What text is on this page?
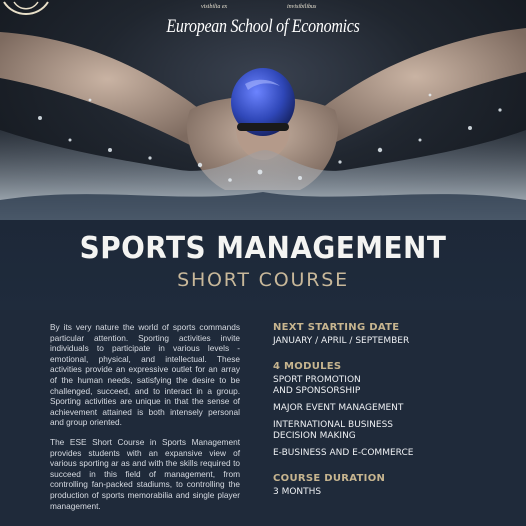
visibilia ex	invisibilibus
European School of Economics
SPORTS MANAGEMENT
SHORT COURSE

By its very nature the world of sports commands particular attention. Sporting activities invite individuals to participate in various levels - emotional, physical, and intellectual. These activities provide an expressive outlet for an array of the human needs, satisfying the desire to be challenged, succeed, and to interact in a group. Sporting activities are unique in that the sense of achievement attained is both intensely personal and group oriented.

The ESE Short Course in Sports Management provides students with an expansive view of various sporting ar as and with the skills required to succeed in this field of management, from controlling fan-packed stadiums, to controlling the production of sports memorabilia and single player management.

NEXT STARTING DATE
JANUARY / APRIL / SEPTEMBER
4 MODULES
SPORT PROMOTION AND SPONSORSHIP
MAJOR EVENT MANAGEMENT
INTERNATIONAL BUSINESS DECISION MAKING
E-BUSINESS AND E-COMMERCE
COURSE DURATION
3 MONTHS
